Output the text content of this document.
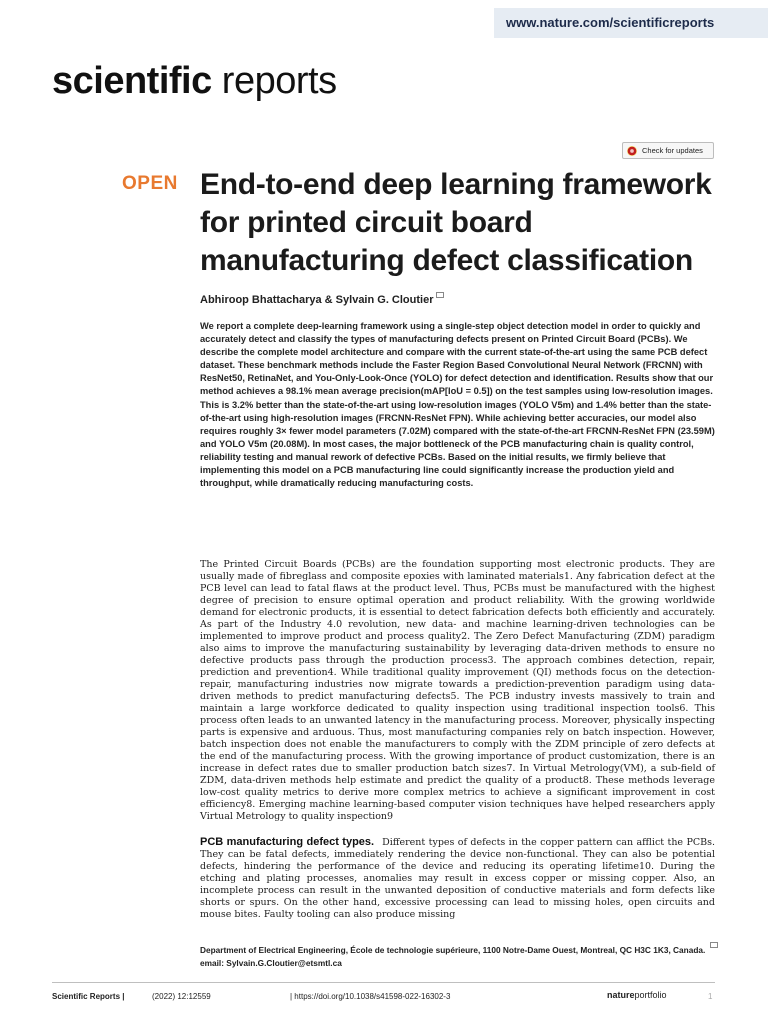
www.nature.com/scientificreports
scientific reports
Check for updates
OPEN End-to-end deep learning framework for printed circuit board manufacturing defect classification
Abhiroop Bhattacharya & Sylvain G. Cloutier

We report a complete deep-learning framework using a single-step object detection model in order to quickly and accurately detect and classify the types of manufacturing defects present on Printed Circuit Board (PCBs). We describe the complete model architecture and compare with the current state-of-the-art using the same PCB defect dataset. These benchmark methods include the Faster Region Based Convolutional Neural Network (FRCNN) with ResNet50, RetinaNet, and You-Only-Look-Once (YOLO) for defect detection and identification. Results show that our method achieves a 98.1% mean average precision(mAP[IoU = 0.5]) on the test samples using low-resolution images. This is 3.2% better than the state-of-the-art using low-resolution images (YOLO V5m) and 1.4% better than the state-of-the-art using high-resolution images (FRCNN-ResNet FPN). While achieving better accuracies, our model also requires roughly 3× fewer model parameters (7.02M) compared with the state-of-the-art FRCNN-ResNet FPN (23.59M) and YOLO V5m (20.08M). In most cases, the major bottleneck of the PCB manufacturing chain is quality control, reliability testing and manual rework of defective PCBs. Based on the initial results, we firmly believe that implementing this model on a PCB manufacturing line could significantly increase the production yield and throughput, while dramatically reducing manufacturing costs.

The Printed Circuit Boards (PCBs) are the foundation supporting most electronic products. They are usually made of fibreglass and composite epoxies with laminated materials1. Any fabrication defect at the PCB level can lead to fatal flaws at the product level. Thus, PCBs must be manufactured with the highest degree of precision to ensure optimal operation and product reliability. With the growing worldwide demand for electronic products, it is essential to detect fabrication defects both efficiently and accurately. As part of the Industry 4.0 revolution, new data- and machine learning-driven technologies can be implemented to improve product and process quality2. The Zero Defect Manufacturing (ZDM) paradigm also aims to improve the manufacturing sustainability by leveraging data-driven methods to ensure no defective products pass through the production process3. The approach combines detection, repair, prediction and prevention4. While traditional quality improvement (QI) methods focus on the detection-repair, manufacturing industries now migrate towards a prediction-prevention paradigm using data-driven methods to predict manufacturing defects5. The PCB industry invests massively to train and maintain a large workforce dedicated to quality inspection using traditional inspection tools6. This process often leads to an unwanted latency in the manufacturing process. Moreover, physically inspecting parts is expensive and arduous. Thus, most manufacturing companies rely on batch inspection. However, batch inspection does not enable the manufacturers to comply with the ZDM principle of zero defects at the end of the manufacturing process. With the growing importance of product customization, there is an increase in defect rates due to smaller production batch sizes7. In Virtual Metrology(VM), a sub-field of ZDM, data-driven methods help estimate and predict the quality of a product8. These methods leverage low-cost quality metrics to derive more complex metrics to achieve a significant improvement in cost efficiency8. Emerging machine learning-based computer vision techniques have helped researchers apply Virtual Metrology to quality inspection9

PCB manufacturing defect types. Different types of defects in the copper pattern can afflict the PCBs. They can be fatal defects, immediately rendering the device non-functional. They can also be potential defects, hindering the performance of the device and reducing its operating lifetime10. During the etching and plating processes, anomalies may result in excess copper or missing copper. Also, an incomplete process can result in the unwanted deposition of conductive materials and form defects like shorts or spurs. On the other hand, excessive processing can lead to missing holes, open circuits and mouse bites. Faulty tooling can also produce missing

Department of Electrical Engineering, École de technologie supérieure, 1100 Notre-Dame Ouest, Montreal, QC H3C 1K3, Canada. email: Sylvain.G.Cloutier@etsmtl.ca

Scientific Reports |	(2022) 12:12559	| https://doi.org/10.1038/s41598-022-16302-3	natureportfolio	1
